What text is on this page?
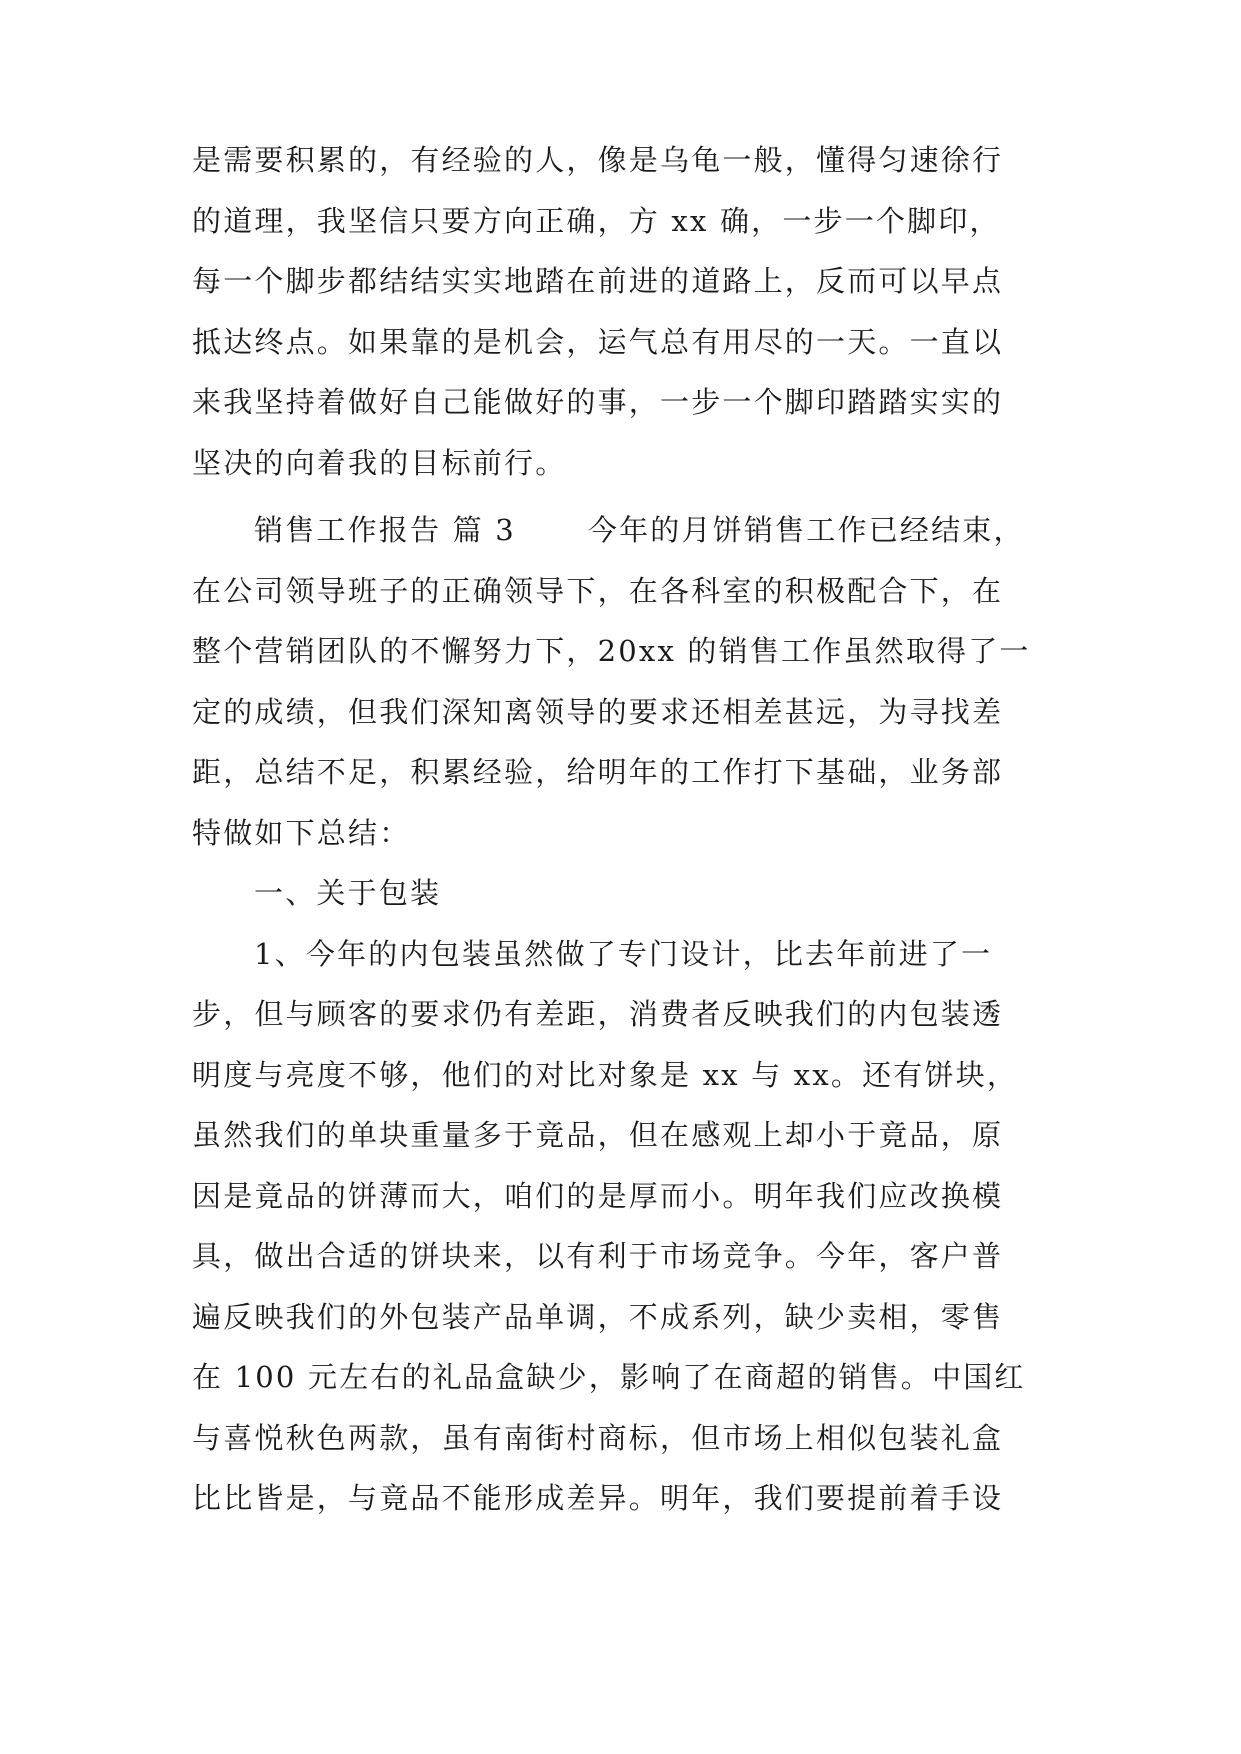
是需要积累的，有经验的人，像是乌龟一般，懂得匀速徐行
的道理，我坚信只要方向正确，方 xx 确，一步一个脚印，
每一个脚步都结结实实地踏在前进的道路上，反而可以早点
抵达终点。如果靠的是机会，运气总有用尽的一天。一直以
来我坚持着做好自己能做好的事，一步一个脚印踏踏实实的
坚决的向着我的目标前行。
销售工作报告 篇 3 今年的月饼销售工作已经结束，
在公司领导班子的正确领导下，在各科室的积极配合下，在
整个营销团队的不懈努力下，20xx 的销售工作虽然取得了一
定的成绩，但我们深知离领导的要求还相差甚远，为寻找差
距，总结不足，积累经验，给明年的工作打下基础，业务部
特做如下总结：
一、关于包装
1、今年的内包装虽然做了专门设计，比去年前进了一
步，但与顾客的要求仍有差距，消费者反映我们的内包装透
明度与亮度不够，他们的对比对象是 xx 与 xx。还有饼块，
虽然我们的单块重量多于竟品，但在感观上却小于竟品，原
因是竟品的饼薄而大，咱们的是厚而小。明年我们应改换模
具，做出合适的饼块来，以有利于市场竞争。今年，客户普
遍反映我们的外包装产品单调，不成系列，缺少卖相，零售
在 100 元左右的礼品盒缺少，影响了在商超的销售。中国红
与喜悦秋色两款，虽有南街村商标，但市场上相似包装礼盒
比比皆是，与竟品不能形成差异。明年，我们要提前着手设
